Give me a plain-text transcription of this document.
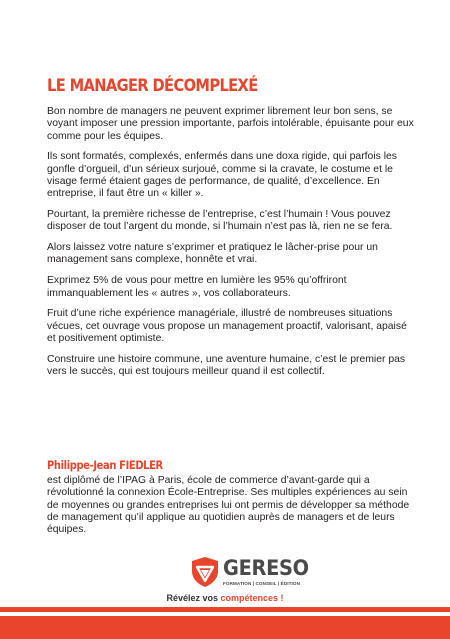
LE MANAGER DÉCOMPLEXÉ

Bon nombre de managers ne peuvent exprimer librement leur bon sens, se voyant imposer une pression importante, parfois intolérable, épuisante pour eux comme pour les équipes.

Ils sont formatés, complexés, enfermés dans une doxa rigide, qui parfois les gonfle d’orgueil, d’un sérieux surjoué, comme si la cravate, le costume et le visage fermé étaient gages de performance, de qualité, d’excellence. En entreprise, il faut être un « killer ».

Pourtant, la première richesse de l’entreprise, c’est l’humain ! Vous pouvez disposer de tout l’argent du monde, si l’humain n’est pas là, rien ne se fera.

Alors laissez votre nature s’exprimer et pratiquez le lâcher-prise pour un management sans complexe, honnête et vrai.

Exprimez 5% de vous pour mettre en lumière les 95% qu’offriront immanquablement les « autres », vos collaborateurs.

Fruit d’une riche expérience managériale, illustré de nombreuses situations vécues, cet ouvrage vous propose un management proactif, valorisant, apaisé et positivement optimiste.

Construire une histoire commune, une aventure humaine, c’est le premier pas vers le succès, qui est toujours meilleur quand il est collectif.

Philippe-Jean FIEDLER

est diplômé de l’IPAG à Paris, école de commerce d’avant-garde qui a révolutionné la connexion École-Entreprise. Ses multiples expériences au sein de moyennes ou grandes entreprises lui ont permis de développer sa méthode de management qu’il applique au quotidien auprès de managers et de leurs équipes.

GERESO
FORMATION | CONSEIL | ÉDITION

Révélez vos compétences !
